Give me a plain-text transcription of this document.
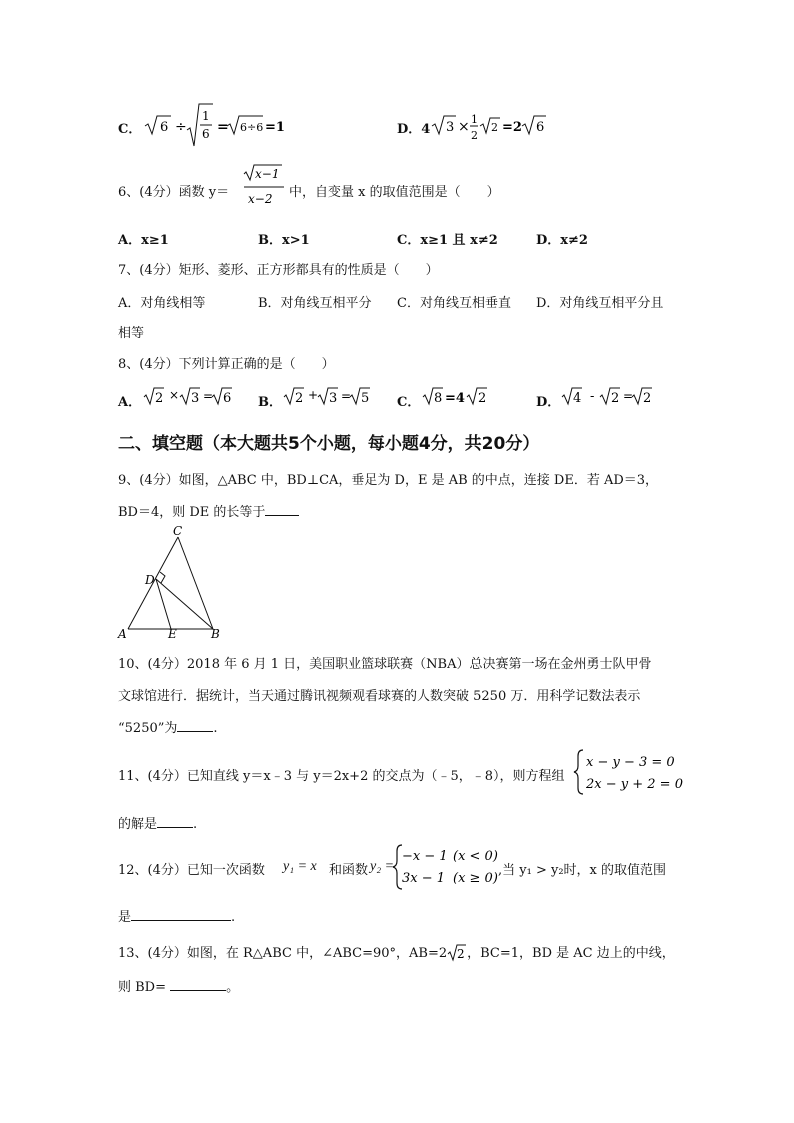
C． 6 ÷
1
6 = 6÷6 =1	D．4 3 × 1
2
2 =2 6
6、(4分）函数 y＝
x−1
x−2 中，自变量 x 的取值范围是（　　）
A．x≥1	B．x>1	C．x≥1 且 x≠2	D．x≠2
7、(4分）矩形、菱形、正方形都具有的性质是（　　）
A．对角线相等	B．对角线互相平分 C．对角线互相垂直 D．对角线互相平分且
相等
8、(4分）下列计算正确的是（　　）
A． 2 × 3 = 6 B． 2 + 3 = 5 C． 8 =4 2	D． 4 - 2 = 2
二、填空题（本大题共5个小题，每小题4分，共20分）
9、(4分）如图，△ABC 中，BD⊥CA，垂足为 D，E 是 AB 的中点，连接 DE．若 AD＝3，
BD＝4，则 DE 的长等于
C
D
A	E	B
10、(4分）2018 年 6 月 1 日，美国职业篮球联赛（NBA）总决赛第一场在金州勇士队甲骨
文球馆进行．据统计，当天通过腾讯视频观看球赛的人数突破 5250 万．用科学记数法表示
“5250”为	.
11、(4分）已知直线 y＝x﹣3 与 y＝2x+2 的交点为（﹣5，﹣8），则方程组
x − y − 3 = 0
2x − y + 2 = 0
的解是	.
12、(4分）已知一次函数 y₁ = x 和函数 y₂ =
−x − 1 (x < 0)
3x − 1 (x ≥ 0)
,当 y₁ > y₂时，x 的取值范围
是	.
13、(4分）如图，在 R△ABC 中，∠ABC=90°，AB=2 2 ，BC=1，BD 是 AC 边上的中线，
则 BD=	。
